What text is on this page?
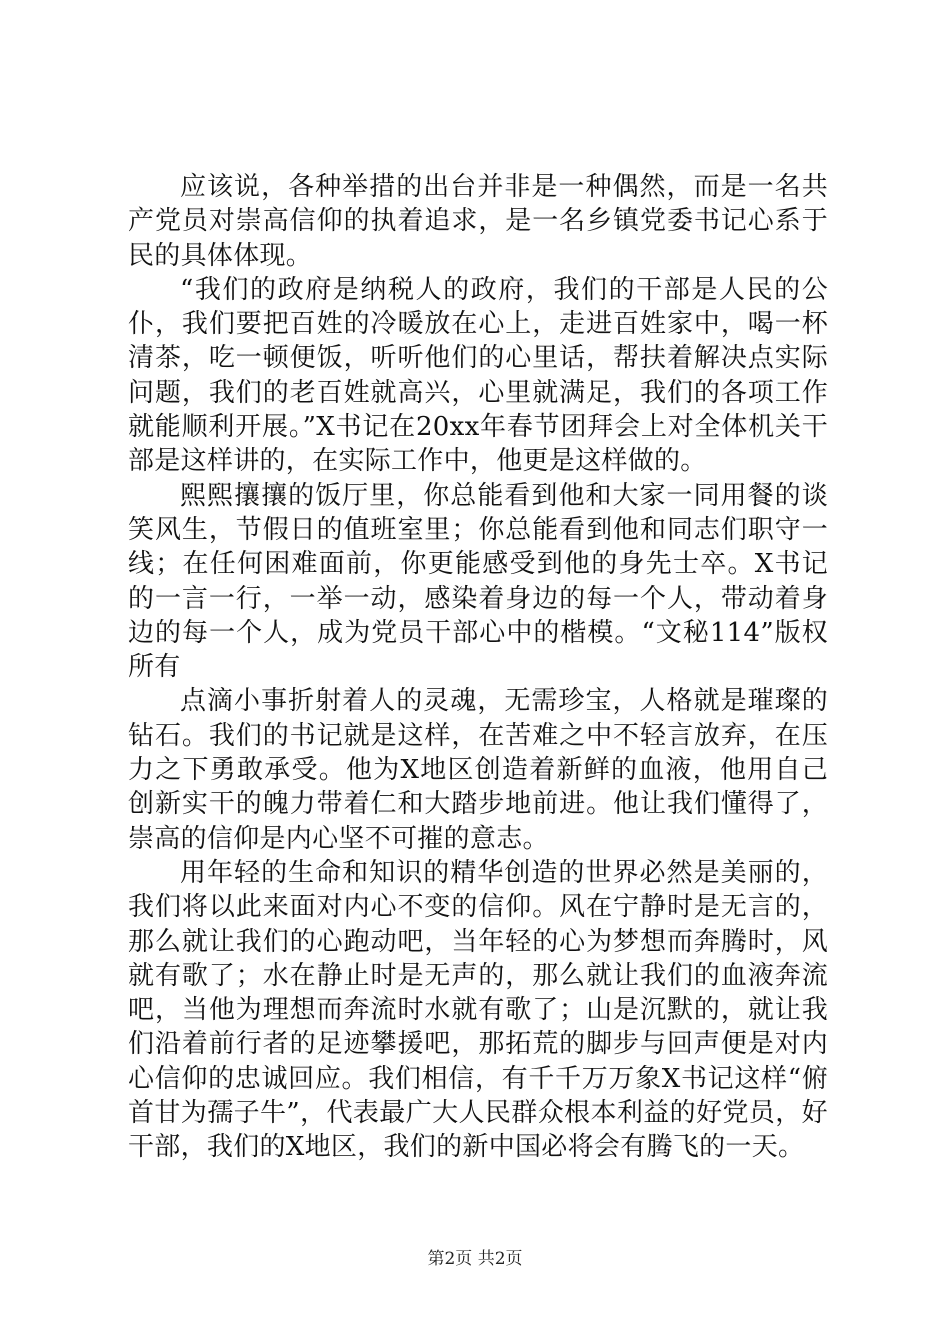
应该说，各种举措的出台并非是一种偶然，而是一名共产党员对崇高信仰的执着追求，是一名乡镇党委书记心系于民的具体体现。

“我们的政府是纳税人的政府，我们的干部是人民的公仆，我们要把百姓的冷暖放在心上，走进百姓家中，喝一杯清茶，吃一顿便饭，听听他们的心里话，帮扶着解决点实际问题，我们的老百姓就高兴，心里就满足，我们的各项工作就能顺利开展。”X书记在20xx年春节团拜会上对全体机关干部是这样讲的，在实际工作中，他更是这样做的。

熙熙攘攘的饭厅里，你总能看到他和大家一同用餐的谈笑风生，节假日的值班室里；你总能看到他和同志们职守一线；在任何困难面前，你更能感受到他的身先士卒。X书记的一言一行，一举一动，感染着身边的每一个人，带动着身边的每一个人，成为党员干部心中的楷模。“文秘114”版权所有

点滴小事折射着人的灵魂，无需珍宝，人格就是璀璨的钻石。我们的书记就是这样，在苦难之中不轻言放弃，在压力之下勇敢承受。他为X地区创造着新鲜的血液，他用自己创新实干的魄力带着仁和大踏步地前进。他让我们懂得了，崇高的信仰是内心坚不可摧的意志。

用年轻的生命和知识的精华创造的世界必然是美丽的，我们将以此来面对内心不变的信仰。风在宁静时是无言的，那么就让我们的心跑动吧，当年轻的心为梦想而奔腾时，风就有歌了；水在静止时是无声的，那么就让我们的血液奔流吧，当他为理想而奔流时水就有歌了；山是沉默的，就让我们沿着前行者的足迹攀援吧，那拓荒的脚步与回声便是对内心信仰的忠诚回应。我们相信，有千千万万象X书记这样“俯首甘为孺子牛”，代表最广大人民群众根本利益的好党员，好干部，我们的X地区，我们的新中国必将会有腾飞的一天。

第2页 共2页
